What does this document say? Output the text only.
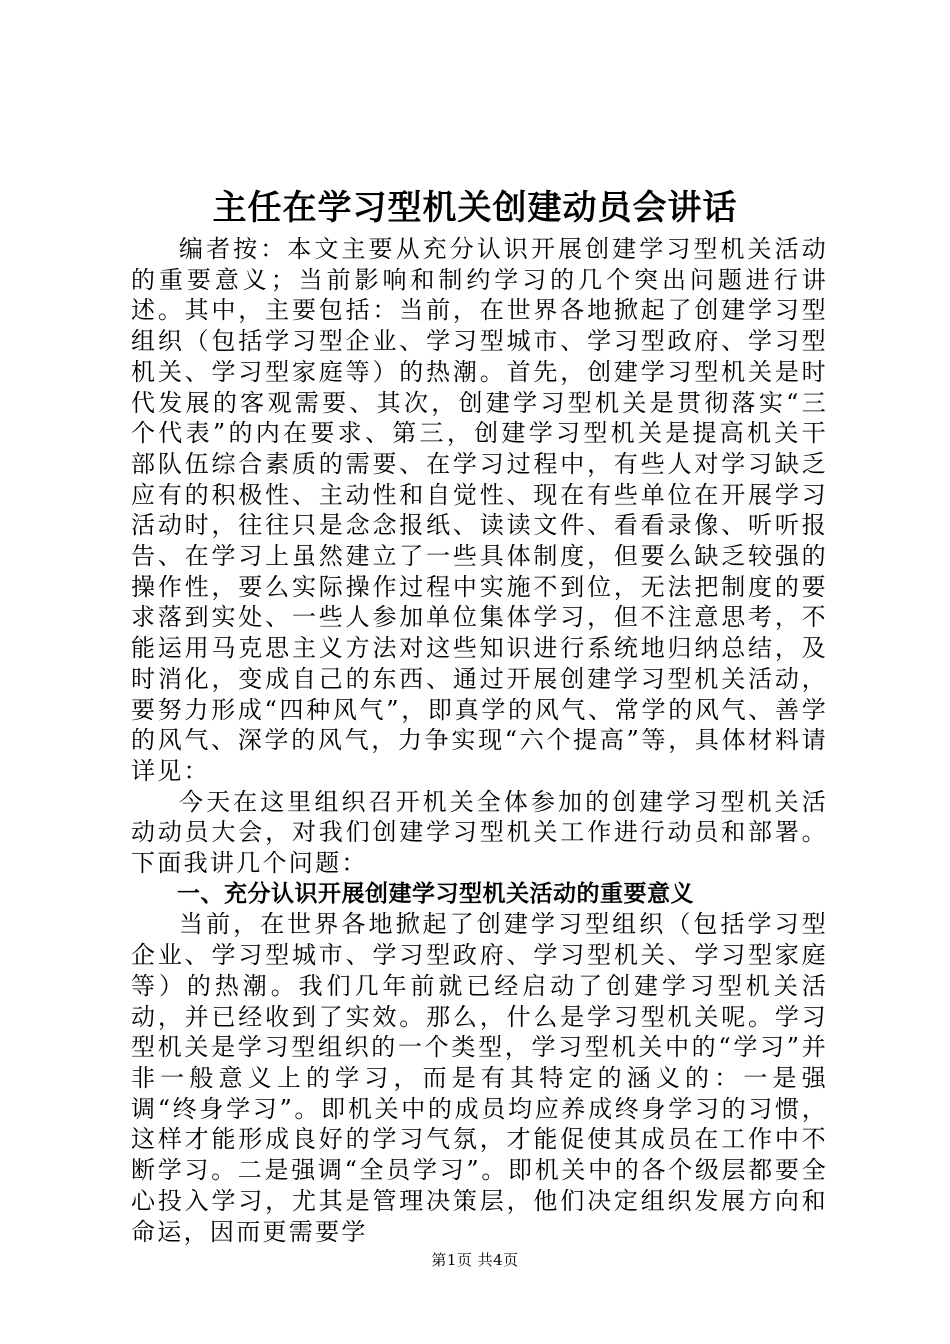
主任在学习型机关创建动员会讲话

编者按：本文主要从充分认识开展创建学习型机关活动的重要意义；当前影响和制约学习的几个突出问题进行讲述。其中，主要包括：当前，在世界各地掀起了创建学习型组织（包括学习型企业、学习型城市、学习型政府、学习型机关、学习型家庭等）的热潮。首先，创建学习型机关是时代发展的客观需要、其次，创建学习型机关是贯彻落实“三个代表”的内在要求、第三，创建学习型机关是提高机关干部队伍综合素质的需要、在学习过程中，有些人对学习缺乏应有的积极性、主动性和自觉性、现在有些单位在开展学习活动时，往往只是念念报纸、读读文件、看看录像、听听报告、在学习上虽然建立了一些具体制度，但要么缺乏较强的操作性，要么实际操作过程中实施不到位，无法把制度的要求落到实处、一些人参加单位集体学习，但不注意思考，不能运用马克思主义方法对这些知识进行系统地归纳总结，及时消化，变成自己的东西、通过开展创建学习型机关活动，要努力形成“四种风气”，即真学的风气、常学的风气、善学的风气、深学的风气，力争实现“六个提高”等，具体材料请详见：

今天在这里组织召开机关全体参加的创建学习型机关活动动员大会，对我们创建学习型机关工作进行动员和部署。下面我讲几个问题：

一、充分认识开展创建学习型机关活动的重要意义

当前，在世界各地掀起了创建学习型组织（包括学习型企业、学习型城市、学习型政府、学习型机关、学习型家庭等）的热潮。我们几年前就已经启动了创建学习型机关活动，并已经收到了实效。那么，什么是学习型机关呢。学习型机关是学习型组织的一个类型，学习型机关中的“学习”并非一般意义上的学习，而是有其特定的涵义的：一是强调“终身学习”。即机关中的成员均应养成终身学习的习惯，这样才能形成良好的学习气氛，才能促使其成员在工作中不断学习。二是强调“全员学习”。即机关中的各个级层都要全心投入学习，尤其是管理决策层，他们决定组织发展方向和命运，因而更需要学

第1页 共4页
